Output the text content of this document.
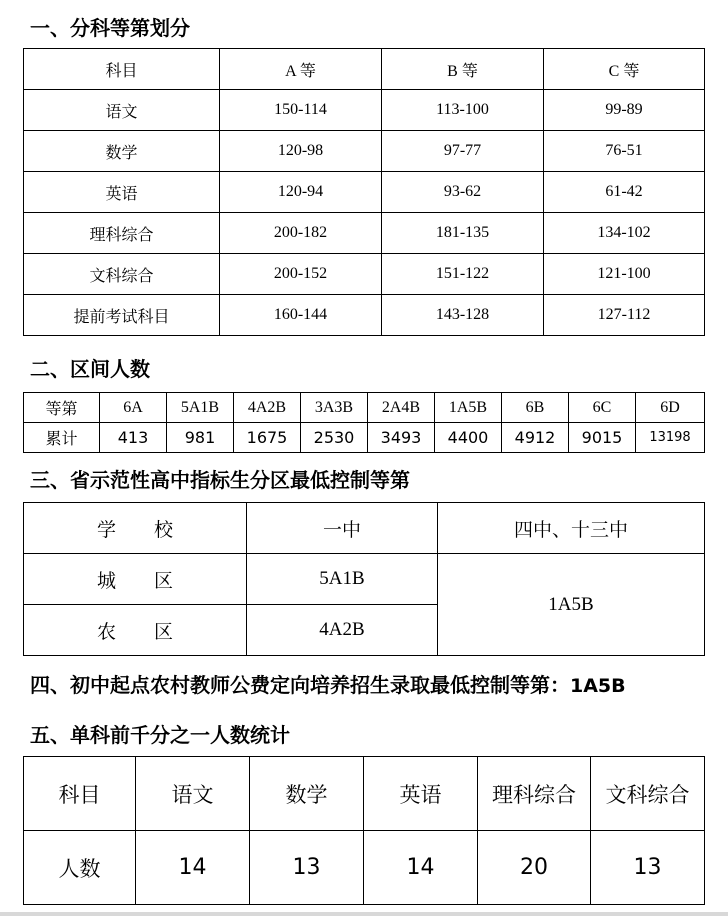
一、分科等第划分
科目	A 等	B 等	C 等
语文	150-114	113-100	99-89
数学	120-98	97-77	76-51
英语	120-94	93-62	61-42
理科综合	200-182	181-135	134-102
文科综合	200-152	151-122	121-100
提前考试科目	160-144	143-128	127-112
二、区间人数
等第	6A	5A1B	4A2B	3A3B	2A4B	1A5B	6B	6C	6D
累计	413	981	1675	2530	3493	4400	4912	9015	13198
三、省示范性高中指标生分区最低控制等第
学　　校	一中	四中、十三中
城　　区	5A1B	1A5B
农　　区	4A2B	
四、初中起点农村教师公费定向培养招生录取最低控制等第：1A5B
五、单科前千分之一人数统计
科目	语文	数学	英语	理科综合	文科综合
人数	14	13	14	20	13
